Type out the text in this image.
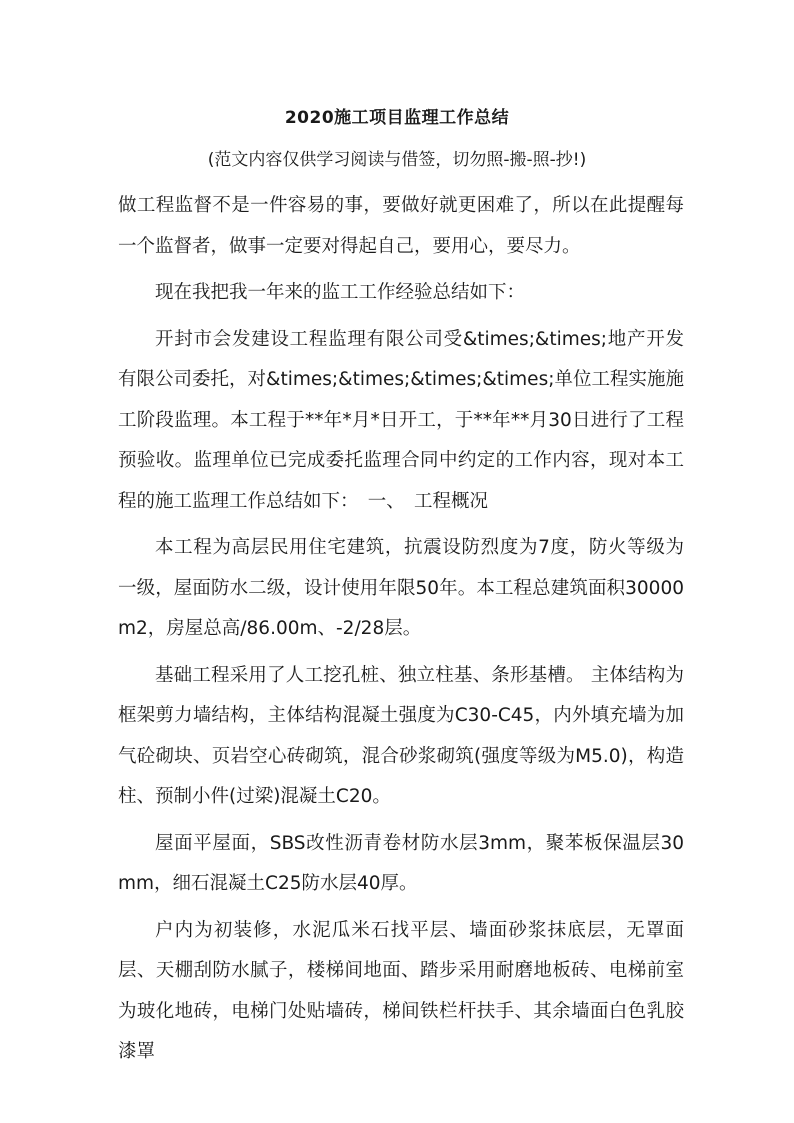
2020施工项目监理工作总结
(范文内容仅供学习阅读与借签，切勿照-搬-照-抄!)

做工程监督不是一件容易的事，要做好就更困难了，所以在此提醒每一个监督者，做事一定要对得起自己，要用心，要尽力。

现在我把我一年来的监工工作经验总结如下：

开封市会发建设工程监理有限公司受&times;&times;地产开发有限公司委托，对&times;&times;&times;&times;单位工程实施施工阶段监理。本工程于**年*月*日开工，于**年**月30日进行了工程预验收。监理单位已完成委托监理合同中约定的工作内容，现对本工程的施工监理工作总结如下：　一、　工程概况

本工程为高层民用住宅建筑，抗震设防烈度为7度，防火等级为一级，屋面防水二级，设计使用年限50年。本工程总建筑面积30000m2，房屋总高/86.00m、-2/28层。

基础工程采用了人工挖孔桩、独立柱基、条形基槽。 主体结构为框架剪力墙结构，主体结构混凝土强度为C30-C45，内外填充墙为加气砼砌块、页岩空心砖砌筑，混合砂浆砌筑(强度等级为M5.0)，构造柱、预制小件(过梁)混凝土C20。

屋面平屋面，SBS改性沥青卷材防水层3mm，聚苯板保温层30mm，细石混凝土C25防水层40厚。

户内为初装修，水泥瓜米石找平层、墙面砂浆抹底层，无罩面层、天棚刮防水腻子，楼梯间地面、踏步采用耐磨地板砖、电梯前室为玻化地砖，电梯门处贴墙砖，梯间铁栏杆扶手、其余墙面白色乳胶漆罩
